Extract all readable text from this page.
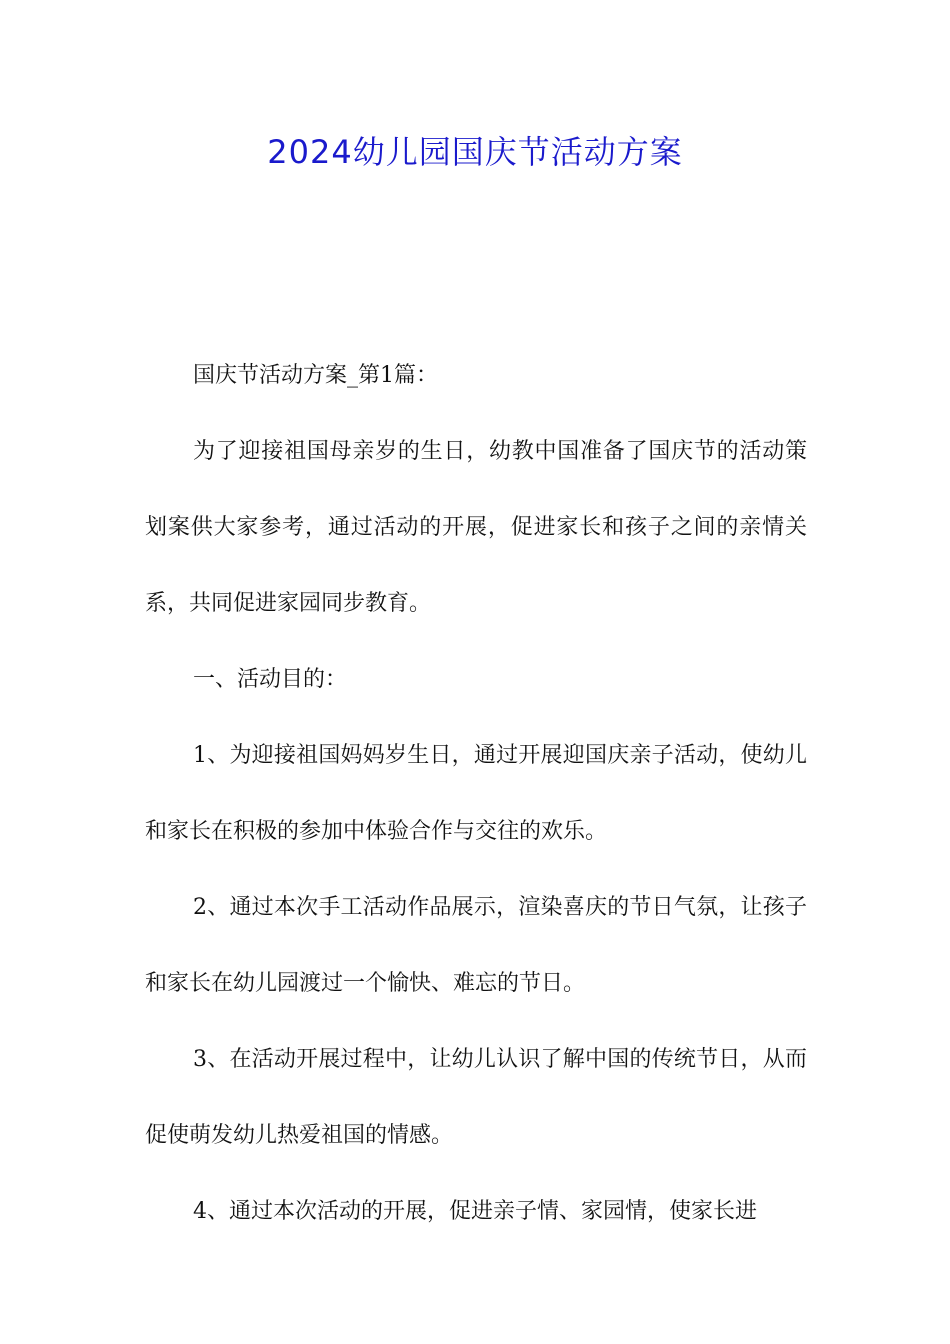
2024幼儿园国庆节活动方案

国庆节活动方案_第1篇：

为了迎接祖国母亲岁的生日，幼教中国准备了国庆节的活动策划案供大家参考，通过活动的开展，促进家长和孩子之间的亲情关系，共同促进家园同步教育。

一、活动目的：

1、为迎接祖国妈妈岁生日，通过开展迎国庆亲子活动，使幼儿和家长在积极的参加中体验合作与交往的欢乐。

2、通过本次手工活动作品展示，渲染喜庆的节日气氛，让孩子和家长在幼儿园渡过一个愉快、难忘的节日。

3、在活动开展过程中，让幼儿认识了解中国的传统节日，从而促使萌发幼儿热爱祖国的情感。

4、通过本次活动的开展，促进亲子情、家园情，使家长进
